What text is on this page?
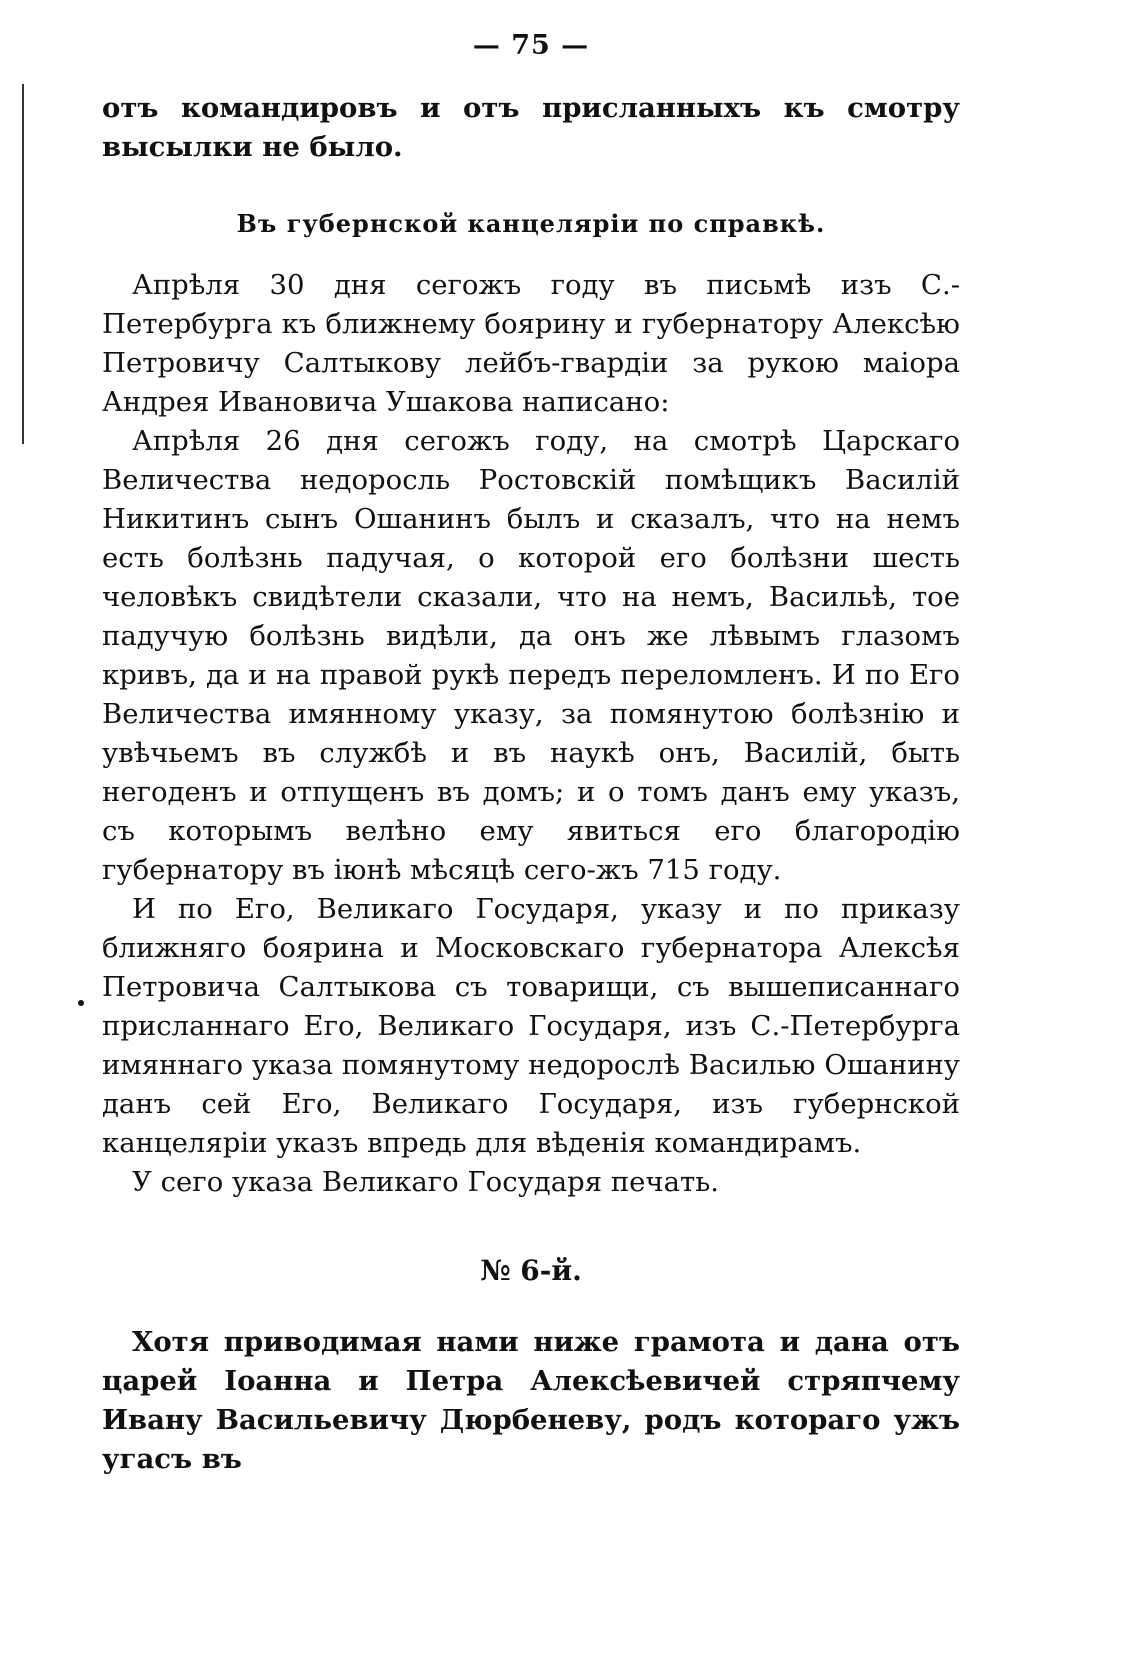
— 75 —

отъ командировъ и отъ присланныхъ къ смотру высылки не было.

Въ губернской канцеляріи по справкѣ.

Апрѣля 30 дня сегожъ году въ письмѣ изъ С.-Петербурга къ ближнему боярину и губернатору Алексѣю Петровичу Салтыкову лейбъ-гвардіи за рукою маіора Андрея Ивановича Ушакова написано:

Апрѣля 26 дня сегожъ году, на смотрѣ Царскаго Величества недоросль Ростовскій помѣщикъ Василій Никитинъ сынъ Ошанинъ былъ и сказалъ, что на немъ есть болѣзнь падучая, о которой его болѣзни шесть человѣкъ свидѣтели сказали, что на немъ, Васильѣ, тое падучую болѣзнь видѣли, да онъ же лѣвымъ глазомъ кривъ, да и на правой рукѣ передъ переломленъ. И по Его Величества имянному указу, за помянутою болѣзнію и увѣчьемъ въ службѣ и въ наукѣ онъ, Василій, быть негоденъ и отпущенъ въ домъ; и о томъ данъ ему указъ, съ которымъ велѣно ему явиться его благородію губернатору въ іюнѣ мѣсяцѣ сего-жъ 715 году.

И по Его, Великаго Государя, указу и по приказу ближняго боярина и Московскаго губернатора Алексѣя Петровича Салтыкова съ товарищи, съ вышеписаннаго присланнаго Его, Великаго Государя, изъ С.-Петербурга имяннаго указа помянутому недорослѣ Василью Ошанину данъ сей Его, Великаго Государя, изъ губернской канцеляріи указъ впредь для вѣденія командирамъ.

У сего указа Великаго Государя печать.

№ 6-й.

Хотя приводимая нами ниже грамота и дана отъ царей Іоанна и Петра Алексѣевичей стряпчему Ивану Васильевичу Дюрбеневу, родъ котораго ужъ угасъ въ
